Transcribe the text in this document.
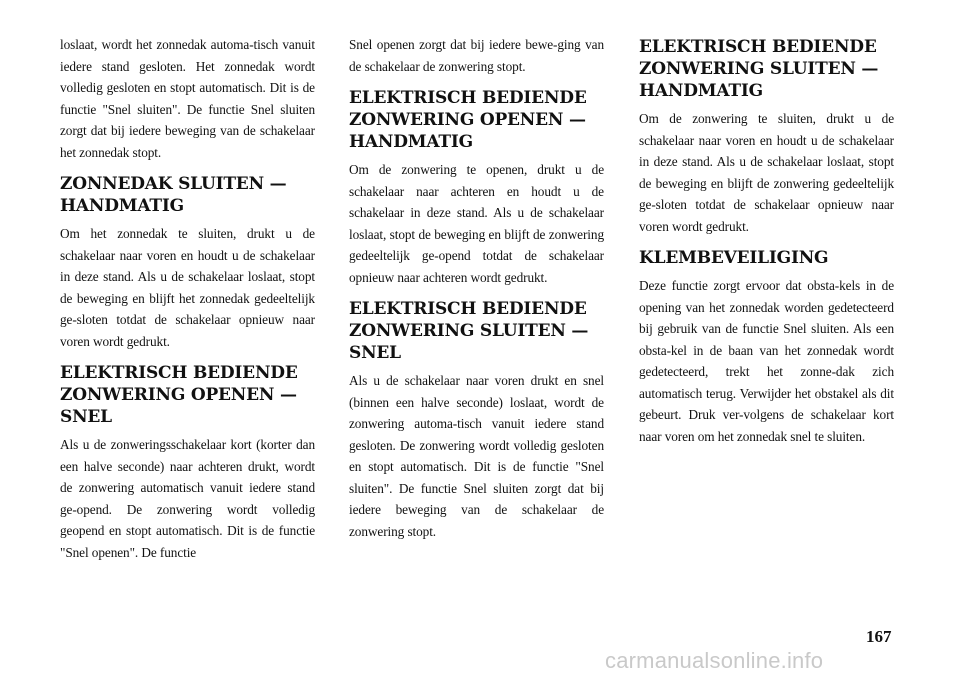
loslaat, wordt het zonnedak automa-tisch vanuit iedere stand gesloten. Het zonnedak wordt volledig gesloten en stopt automatisch. Dit is de functie "Snel sluiten". De functie Snel sluiten zorgt dat bij iedere beweging van de schakelaar het zonnedak stopt.

ZONNEDAK SLUITEN — HANDMATIG

Om het zonnedak te sluiten, drukt u de schakelaar naar voren en houdt u de schakelaar in deze stand. Als u de schakelaar loslaat, stopt de beweging en blijft het zonnedak gedeeltelijk ge-sloten totdat de schakelaar opnieuw naar voren wordt gedrukt.

ELEKTRISCH BEDIENDE ZONWERING OPENEN — SNEL

Als u de zonweringsschakelaar kort (korter dan een halve seconde) naar achteren drukt, wordt de zonwering automatisch vanuit iedere stand ge-opend. De zonwering wordt volledig geopend en stopt automatisch. Dit is de functie "Snel openen". De functie

Snel openen zorgt dat bij iedere bewe-ging van de schakelaar de zonwering stopt.

ELEKTRISCH BEDIENDE ZONWERING OPENEN — HANDMATIG

Om de zonwering te openen, drukt u de schakelaar naar achteren en houdt u de schakelaar in deze stand. Als u de schakelaar loslaat, stopt de beweging en blijft de zonwering gedeeltelijk ge-opend totdat de schakelaar opnieuw naar achteren wordt gedrukt.

ELEKTRISCH BEDIENDE ZONWERING SLUITEN — SNEL

Als u de schakelaar naar voren drukt en snel (binnen een halve seconde) loslaat, wordt de zonwering automa-tisch vanuit iedere stand gesloten. De zonwering wordt volledig gesloten en stopt automatisch. Dit is de functie "Snel sluiten". De functie Snel sluiten zorgt dat bij iedere beweging van de schakelaar de zonwering stopt.

ELEKTRISCH BEDIENDE ZONWERING SLUITEN — HANDMATIG

Om de zonwering te sluiten, drukt u de schakelaar naar voren en houdt u de schakelaar in deze stand. Als u de schakelaar loslaat, stopt de beweging en blijft de zonwering gedeeltelijk ge-sloten totdat de schakelaar opnieuw naar voren wordt gedrukt.

KLEMBEVEILIGING

Deze functie zorgt ervoor dat obsta-kels in de opening van het zonnedak worden gedetecteerd bij gebruik van de functie Snel sluiten. Als een obsta-kel in de baan van het zonnedak wordt gedetecteerd, trekt het zonne-dak zich automatisch terug. Verwijder het obstakel als dit gebeurt. Druk ver-volgens de schakelaar kort naar voren om het zonnedak snel te sluiten.

167
carmanualsonline.info
